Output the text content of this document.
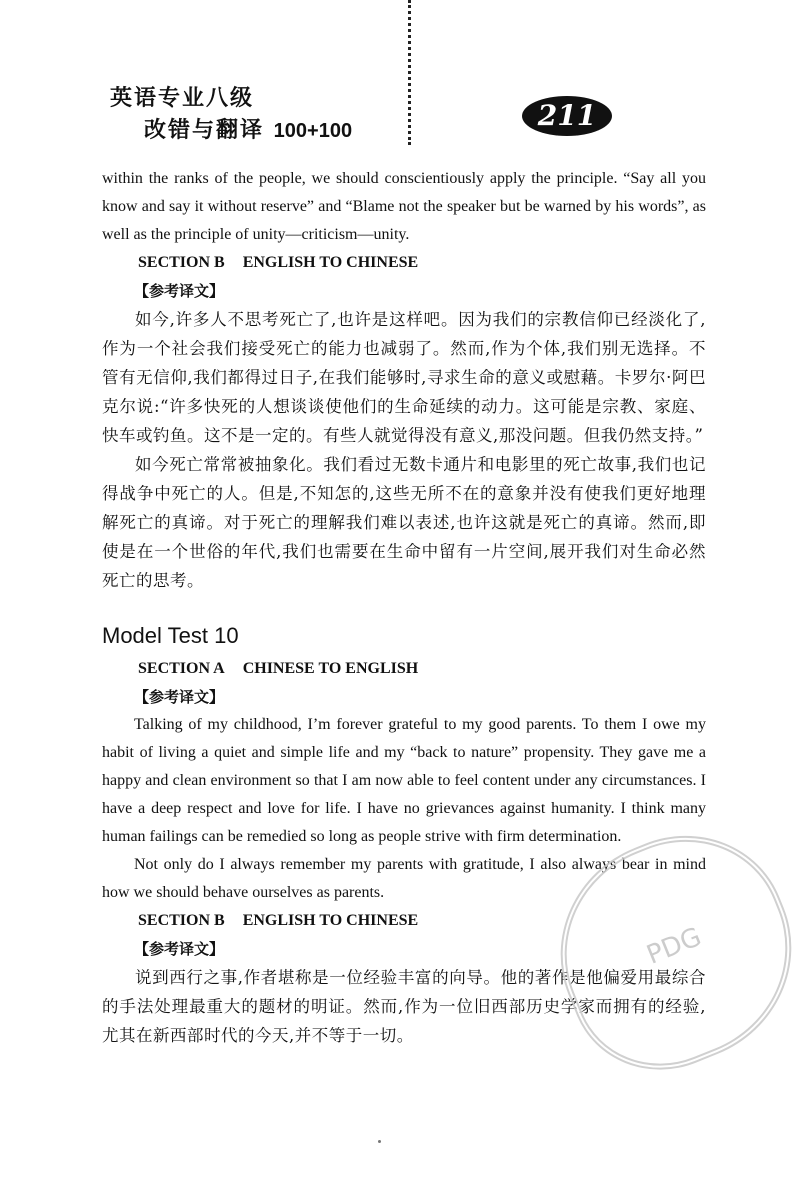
英语专业八级
改错与翻译 100+100	211

within the ranks of the people, we should conscientiously apply the principle. “Say all you know and say it without reserve” and “Blame not the speaker but be warned by his words”, as well as the principle of unity—criticism—unity.

SECTION B ENGLISH TO CHINESE

【参考译文】

如今,许多人不思考死亡了,也许是这样吧。因为我们的宗教信仰已经淡化了,作为一个社会我们接受死亡的能力也减弱了。然而,作为个体,我们别无选择。不管有无信仰,我们都得过日子,在我们能够时,寻求生命的意义或慰藉。卡罗尔·阿巴克尔说:“许多快死的人想谈谈使他们的生命延续的动力。这可能是宗教、家庭、快车或钓鱼。这不是一定的。有些人就觉得没有意义,那没问题。但我仍然支持。”

如今死亡常常被抽象化。我们看过无数卡通片和电影里的死亡故事,我们也记得战争中死亡的人。但是,不知怎的,这些无所不在的意象并没有使我们更好地理解死亡的真谛。对于死亡的理解我们难以表述,也许这就是死亡的真谛。然而,即使是在一个世俗的年代,我们也需要在生命中留有一片空间,展开我们对生命必然死亡的思考。

Model Test 10

SECTION A CHINESE TO ENGLISH

【参考译文】

Talking of my childhood, I’m forever grateful to my good parents. To them I owe my habit of living a quiet and simple life and my “back to nature” propensity. They gave me a happy and clean environment so that I am now able to feel content under any circumstances. I have a deep respect and love for life. I have no grievances against humanity. I think many human failings can be remedied so long as people strive with firm determination.

Not only do I always remember my parents with gratitude, I also always bear in mind how we should behave ourselves as parents.

SECTION B ENGLISH TO CHINESE

【参考译文】

说到西行之事,作者堪称是一位经验丰富的向导。他的著作是他偏爱用最综合的手法处理最重大的题材的明证。然而,作为一位旧西部历史学家而拥有的经验,尤其在新西部时代的今天,并不等于一切。

PDG
